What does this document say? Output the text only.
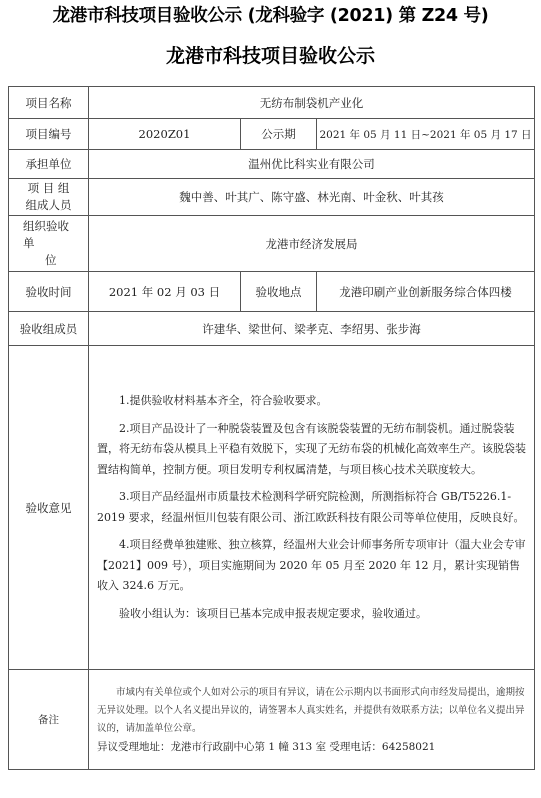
龙港市科技项目验收公示 (龙科验字 (2021) 第 Z24 号)
龙港市科技项目验收公示
项目名称	无纺布制袋机产业化		
项目编号	2020Z01	公示期	2021 年 05 月 11 日~2021 年 05 月 17 日
承担单位	温州优比科实业有限公司		

项 目 组
组成人员	魏中善、叶其广、陈守盛、林光南、叶金秋、叶其孩		

组织验收
单
位	龙港市经济发展局		
验收时间	2021 年 02 月 03 日	验收地点	龙港印刷产业创新服务综合体四楼
验收组成员	许建华、梁世何、梁孝克、李绍男、张步海		
验收意见	1.提供验收材料基本齐全，符合验收要求。

2.项目产品设计了一种脱袋装置及包含有该脱袋装置的无纺布制袋机。通过脱袋装置，将无纺布袋从模具上平稳有效脱下，实现了无纺布袋的机械化高效率生产。该脱袋装置结构简单，控制方便。项目发明专利权属清楚，与项目核心技术关联度较大。

3.项目产品经温州市质量技术检测科学研究院检测，所测指标符合 GB/T5226.1-2019 要求，经温州恒川包装有限公司、浙江欧跃科技有限公司等单位使用，反映良好。

4.项目经费单独建账、独立核算，经温州大业会计师事务所专项审计（温大业会专审【2021】009 号），项目实施期间为 2020 年 05 月至 2020 年 12 月，累计实现销售收入 324.6 万元。

验收小组认为：该项目已基本完成申报表规定要求，验收通过。		

备注	市域内有关单位或个人如对公示的项目有异议，请在公示期内以书面形式向市经发局提出，逾期按无异议处理。以个人名义提出异议的，请签署本人真实姓名，并提供有效联系方法；以单位名义提出异议的，请加盖单位公章。

异议受理地址：龙港市行政副中心第 1 幢 313 室 受理电话：64258021		
